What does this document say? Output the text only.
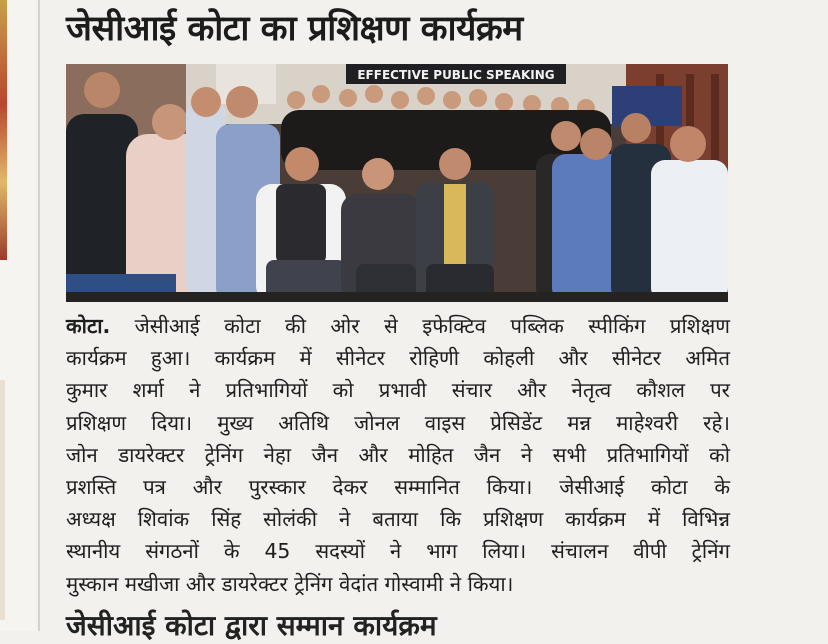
जेसीआई कोटा का प्रशिक्षण कार्यक्रम
EFFECTIVE PUBLIC SPEAKING
कोटा. जेसीआई कोटा की ओर से इफेक्टिव पब्लिक स्पीकिंग प्रशिक्षण
कार्यक्रम हुआ। कार्यक्रम में सीनेटर रोहिणी कोहली और सीनेटर अमित
कुमार शर्मा ने प्रतिभागियों को प्रभावी संचार और नेतृत्व कौशल पर
प्रशिक्षण दिया। मुख्य अतिथि जोनल वाइस प्रेसिडेंट मन्न माहेश्वरी रहे।
जोन डायरेक्टर ट्रेनिंग नेहा जैन और मोहित जैन ने सभी प्रतिभागियों को
प्रशस्ति पत्र और पुरस्कार देकर सम्मानित किया। जेसीआई कोटा के
अध्यक्ष शिवांक सिंह सोलंकी ने बताया कि प्रशिक्षण कार्यक्रम में विभिन्न
स्थानीय संगठनों के 45 सदस्यों ने भाग लिया। संचालन वीपी ट्रेनिंग
मुस्कान मखीजा और डायरेक्टर ट्रेनिंग वेदांत गोस्वामी ने किया।
जेसीआई कोटा द्वारा सम्मान कार्यक्रम
